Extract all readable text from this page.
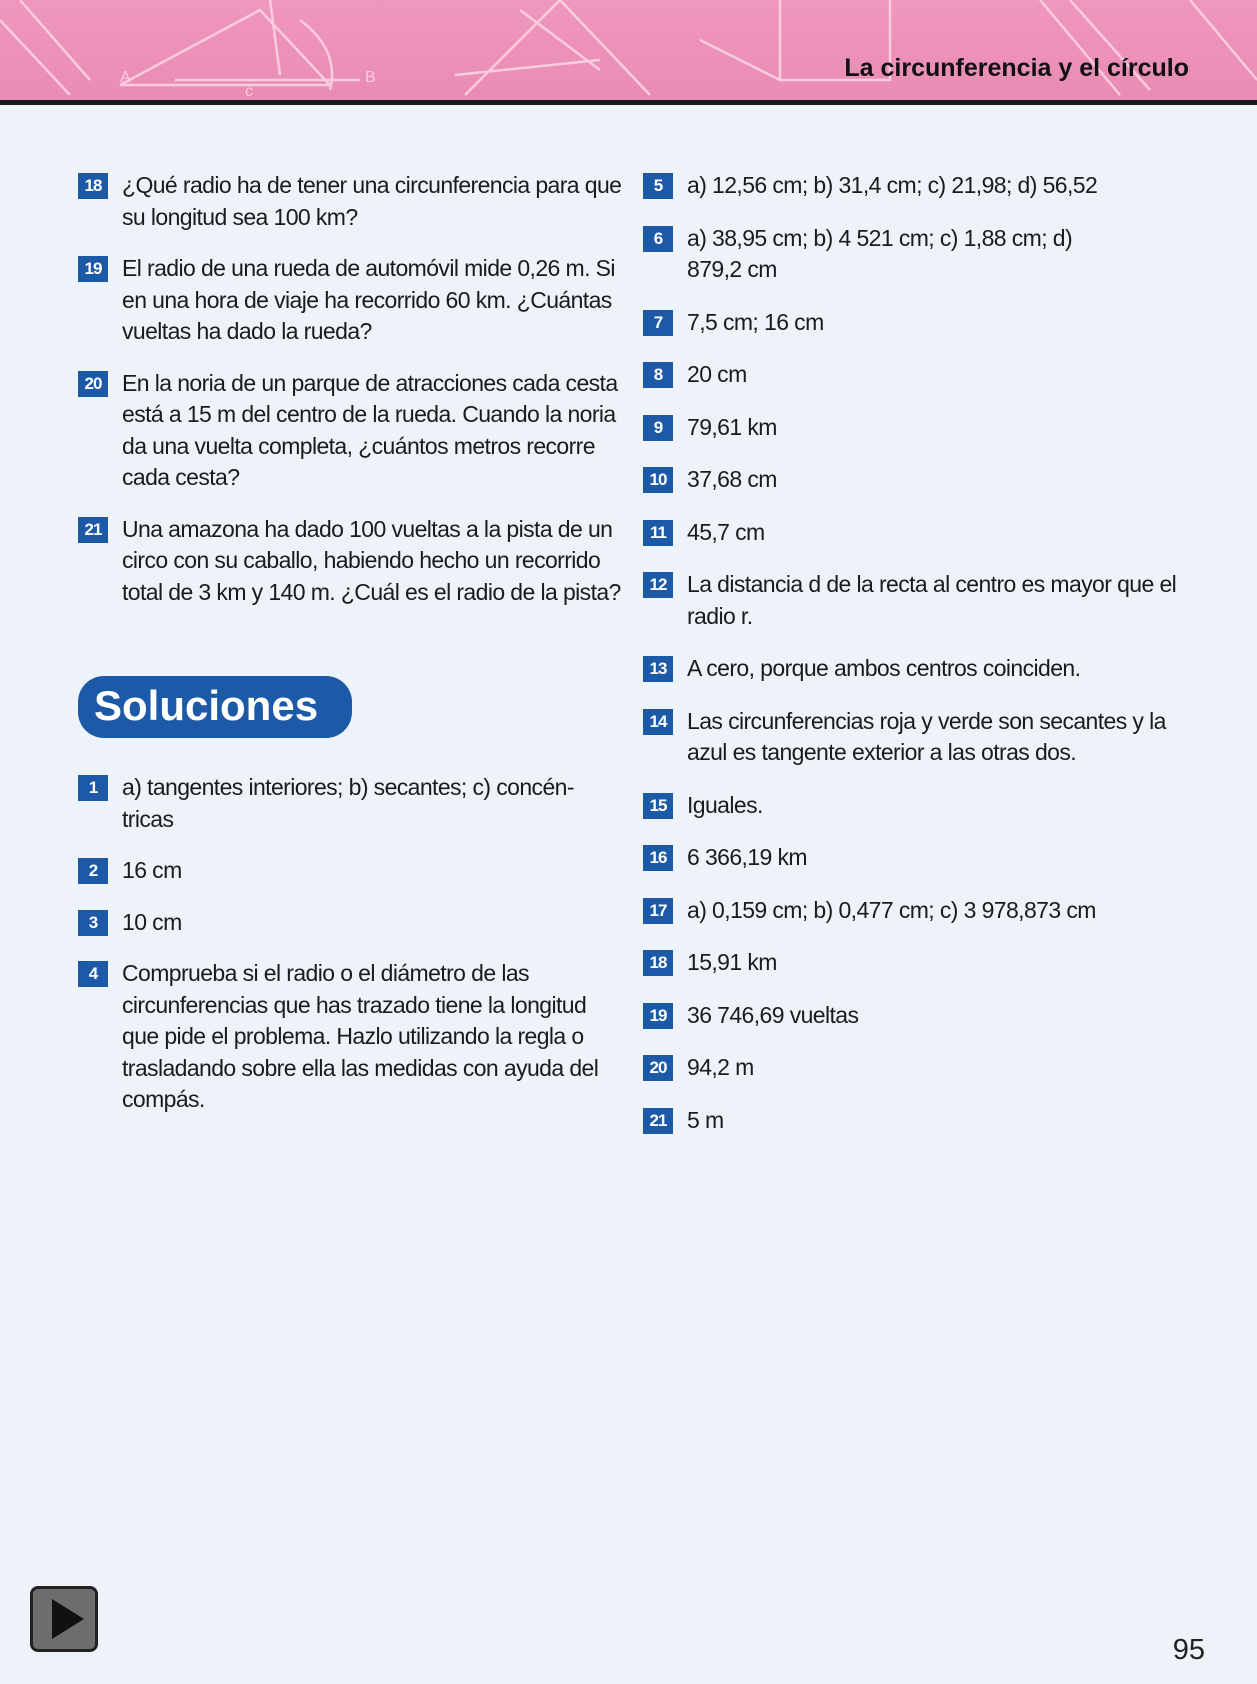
A	B
c
La circunferencia y el círculo
18 ¿Qué radio ha de tener una circunferencia para que su longitud sea 100 km?
19 El radio de una rueda de automóvil mide 0,26 m. Si en una hora de viaje ha recorrido 60 km. ¿Cuántas vueltas ha dado la rueda?
20 En la noria de un parque de atracciones cada cesta está a 15 m del centro de la rueda. Cuando la noria da una vuelta completa, ¿cuántos metros recorre cada cesta?
21 Una amazona ha dado 100 vueltas a la pista de un circo con su caballo, habiendo hecho un recorrido total de 3 km y 140 m. ¿Cuál es el radio de la pista?
Soluciones
1	a) tangentes interiores; b) secantes; c) concén-tricas
2	16 cm
3	10 cm
4	Comprueba si el radio o el diámetro de las circunferencias que has trazado tiene la longitud que pide el problema. Hazlo utilizando la regla o trasladando sobre ella las medidas con ayuda del compás.
5	a) 12,56 cm; b) 31,4 cm; c) 21,98; d) 56,52
6	a) 38,95 cm; b) 4 521 cm; c) 1,88 cm; d) 879,2 cm
7	7,5 cm; 16 cm
8	20 cm
9	79,61 km
10 37,68 cm
11 45,7 cm
12 La distancia d de la recta al centro es mayor que el radio r.
13 A cero, porque ambos centros coinciden.
14 Las circunferencias roja y verde son secantes y la azul es tangente exterior a las otras dos.
15 Iguales.
16 6 366,19 km
17 a) 0,159 cm; b) 0,477 cm; c) 3 978,873 cm
18 15,91 km
19 36 746,69 vueltas
20 94,2 m
21 5 m
95
